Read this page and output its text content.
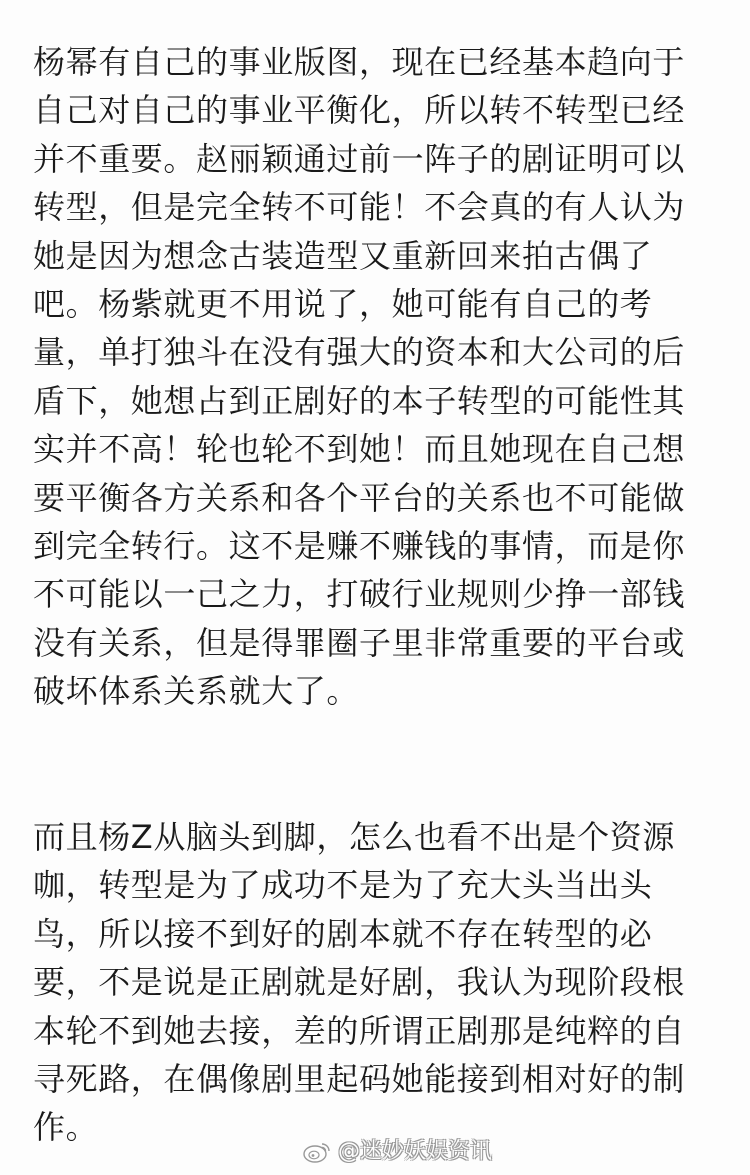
杨幂有自己的事业版图，现在已经基本趋向于
自己对自己的事业平衡化，所以转不转型已经
并不重要。赵丽颖通过前一阵子的剧证明可以
转型，但是完全转不可能！不会真的有人认为
她是因为想念古装造型又重新回来拍古偶了
吧。杨紫就更不用说了，她可能有自己的考
量，单打独斗在没有强大的资本和大公司的后
盾下，她想占到正剧好的本子转型的可能性其
实并不高！轮也轮不到她！而且她现在自己想
要平衡各方关系和各个平台的关系也不可能做
到完全转行。这不是赚不赚钱的事情，而是你
不可能以一己之力，打破行业规则少挣一部钱
没有关系，但是得罪圈子里非常重要的平台或
破坏体系关系就大了。
而且杨Z从脑头到脚，怎么也看不出是个资源
咖，转型是为了成功不是为了充大头当出头
鸟，所以接不到好的剧本就不存在转型的必
要，不是说是正剧就是好剧，我认为现阶段根
本轮不到她去接，差的所谓正剧那是纯粹的自
寻死路，在偶像剧里起码她能接到相对好的制
作。
@迷妙妖娱资讯
